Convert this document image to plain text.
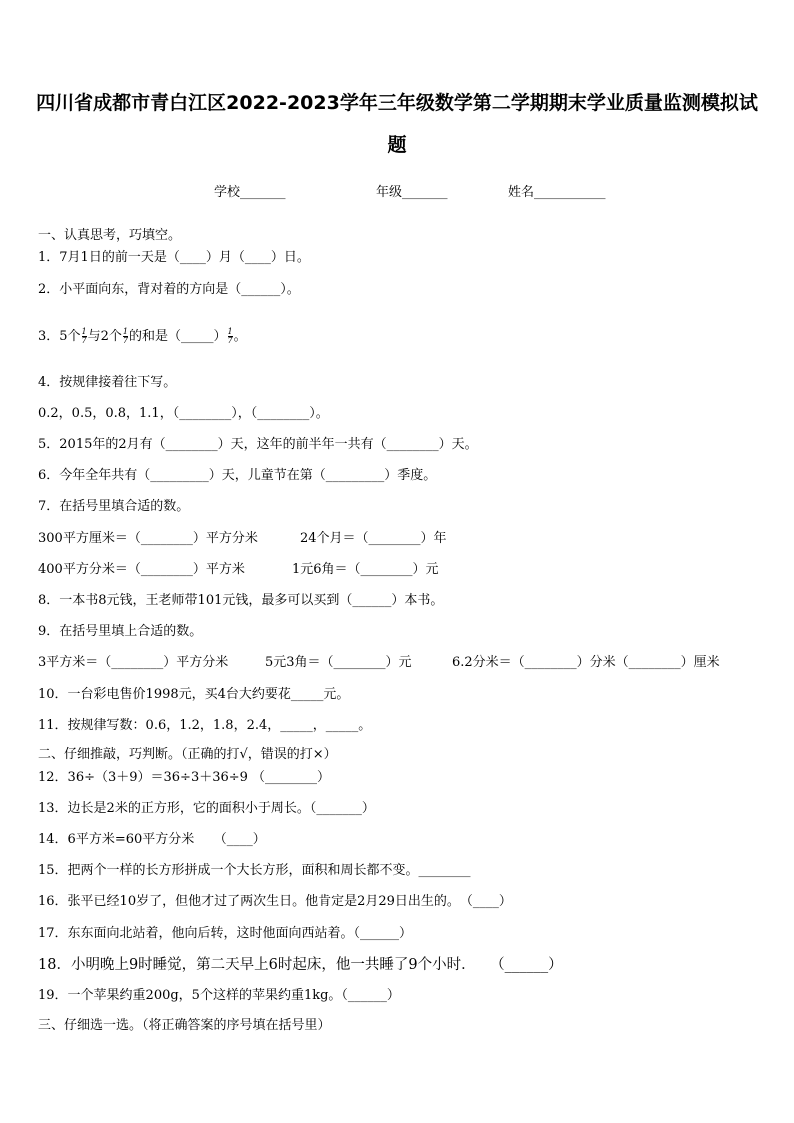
四川省成都市青白江区2022-2023学年三年级数学第二学期期末学业质量监测模拟试
题
学校_______	年级_______	姓名___________
一、认真思考，巧填空。
1．7月1日的前一天是（____）月（____）日。
2．小平面向东，背对着的方向是（______）。
3．5个 $\frac{1}{7}$ 与2个 $\frac{1}{7}$ 的和是（_____） $\frac{1}{7}$ 。
4．按规律接着往下写。
0.2，0.5，0.8，1.1，（________），（________）。
5．2015年的2月有（________）天，这年的前半年一共有（________）天。
6．今年全年共有（_________）天，儿童节在第（_________）季度。
7．在括号里填合适的数。
300平方厘米＝（________）平方分米	24个月＝（________）年
400平方分米＝（________）平方米	1元6角＝（________）元
8．一本书8元钱，王老师带101元钱，最多可以买到（______）本书。
9．在括号里填上合适的数。
3平方米＝（________）平方分米	5元3角＝（________）元	6.2分米＝（________）分米（________）厘米
10．一台彩电售价1998元，买4台大约要花_____元。
11．按规律写数：0.6，1.2，1.8，2.4，_____，_____。
二、仔细推敲，巧判断。（正确的打√，错误的打×）
12．36÷（3＋9）＝36÷3＋36÷9 （________）
13．边长是2米的正方形，它的面积小于周长。（_______）
14．6平方米=60平方分米　　（____）
15．把两个一样的长方形拼成一个大长方形，面积和周长都不变。________
16．张平已经10岁了，但他才过了两次生日。他肯定是2月29日出生的。　（____）
17．东东面向北站着，他向后转，这时他面向西站着。（______）
18．小明晚上9时睡觉，第二天早上6时起床，他一共睡了9个小时．　　（______）
19．一个苹果约重200g，5个这样的苹果约重1kg。（______）
三、仔细选一选。（将正确答案的序号填在括号里）
